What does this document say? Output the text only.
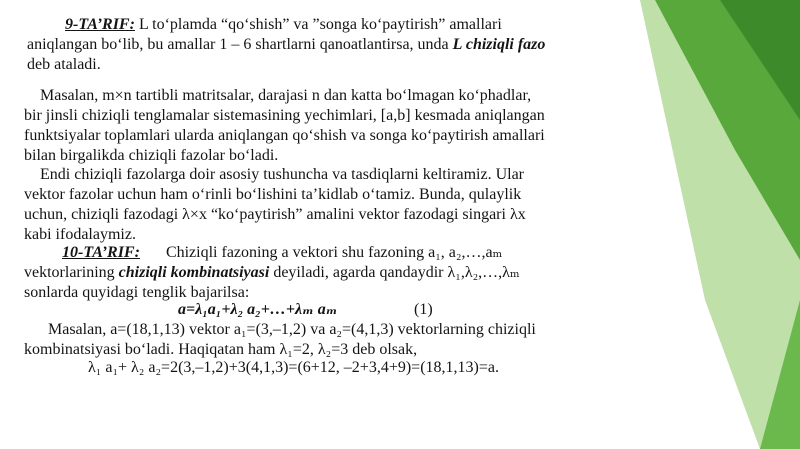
9-TA’RIF: L to‘plamda “qo‘shish” va ”songa ko‘paytirish” amallari
aniqlangan bo‘lib, bu amallar 1 – 6 shartlarni qanoatlantirsa, unda L chiziqli fazo
deb ataladi.
Masalan, m×n tartibli matritsalar, darajasi n dan katta bo‘lmagan ko‘phadlar,
bir jinsli chiziqli tenglamalar sistemasining yechimlari, [a,b] kesmada aniqlangan
funktsiyalar toplamlari ularda aniqlangan qo‘shish va songa ko‘paytirish amallari
bilan birgalikda chiziqli fazolar bo‘ladi.
Endi chiziqli fazolarga doir asosiy tushuncha va tasdiqlarni keltiramiz. Ular
vektor fazolar uchun ham o‘rinli bo‘lishini ta’kidlab o‘tamiz. Bunda, qulaylik
uchun, chiziqli fazodagi λ×x “ko‘paytirish” amalini vektor fazodagi singari λx
kabi ifodalaymiz.
10-TA’RIF: Chiziqli fazoning a vektori shu fazoning a₁, a₂,…,aₘ
vektorlarining chiziqli kombinatsiyasi deyiladi, agarda qandaydir λ₁,λ₂,…,λₘ
sonlarda quyidagi tenglik bajarilsa:
a=λ₁a₁+λ₂ a₂+…+λₘ aₘ	(1)
Masalan, a=(18,1,13) vektor a₁=(3,–1,2) va a₂=(4,1,3) vektorlarning chiziqli
kombinatsiyasi bo‘ladi. Haqiqatan ham λ₁=2, λ₂=3 deb olsak,
λ₁ a₁+ λ₂ a₂=2(3,–1,2)+3(4,1,3)=(6+12, –2+3,4+9)=(18,1,13)=a.
